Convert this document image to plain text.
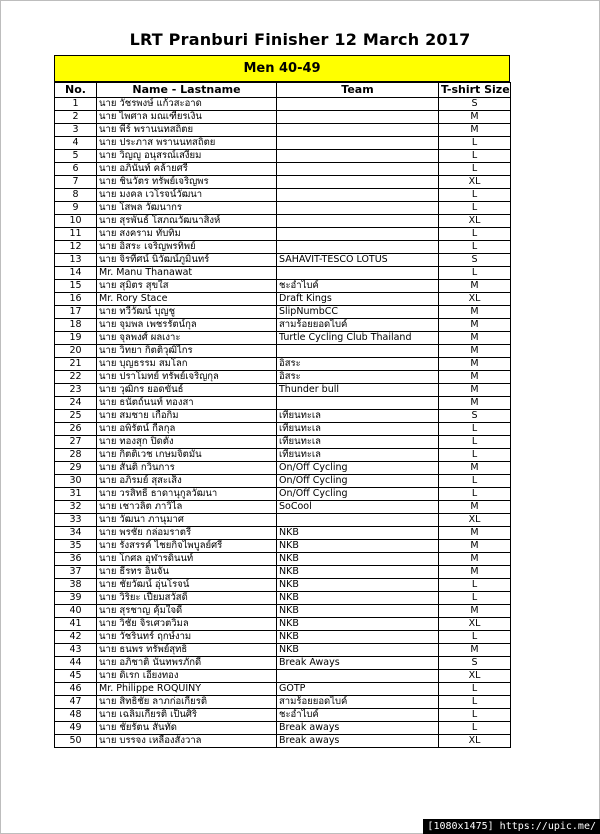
LRT Pranburi Finisher 12 March 2017
Men 40-49
No.	Name - Lastname	Team	T-shirt Size
1	นาย วัชรพงษ์ แก้วสะอาด		S
2	นาย ไพศาล มณเฑียรเงิน		M
3	นาย พีร์ พรานนทสถิตย		M
4	นาย ประภาส พรานนทสถิตย		L
5	นาย วิญญู อนุสรณ์เสงี่ยม		L
6	นาย อภินันท์ คล้ายศรี		L
7	นาย ชินวัตร ทรัพย์เจริญพร		XL
8	นาย มงคล เวโรจน์วัฒนา		L
9	นาย โสพล วัฒนากร		L
10	นาย สุรพันธ์ โสภณวัฒนาสิงห์		XL
11	นาย สงคราม ทับทิม		L
12	นาย อิสระ เจริญพรทิพย์		L
13	นาย จิรทีศน์ นิวัฒน์ภูมินทร์	SAHAVIT-TESCO LOTUS	S
14	Mr. Manu Thanawat		L
15	นาย สุมิตร สุขใส	ชะอำไบค์	M
16	Mr. Rory Stace	Draft Kings	XL
17	นาย ทวีวัฒน์ บุญชู	SlipNumbCC	M
18	นาย จุมพล เพชรรัตน์กุล	สามร้อยยอดไบค์	M
19	นาย จุลพงศ์ ผลเงาะ	Turtle Cycling Club Thailand	M
20	นาย วิทยา กิตติวุฒิไกร		M
21	นาย บุญธรรม สมโลก	อิสระ	M
22	นาย ปราโมทย์ ทรัพย์เจริญกุล	อิสระ	M
23	นาย วุฒิกร ยอดขันธ์	Thunder bull	M
24	นาย ธนัตถ์นนท์ ทองสา		M
25	นาย สมชาย เกื้อกิ้ม	เทียนทะเล	S
26	นาย อพิรัตน์ กี่ลกุล	เทียนทะเล	L
27	นาย ทองสุก ปิดตั้ง	เทียนทะเล	L
28	นาย กิตติเวช เกษมจิตมั่น	เทียนทะเล	L
29	นาย สันติ กวินการ	On/Off Cycling	M
30	นาย อภิรมย์ สุสะเส็ง	On/Off Cycling	L
31	นาย วรสิทธิ์ ธาดานุกูลวัฒนา	On/Off Cycling	L
32	นาย เชาวลิต ภาวิไล	SoCool	M
33	นาย วัฒนา ภานุมาศ		XL
34	นาย พรชัย กล่อมราตรี	NKB	M
35	นาย รังสรรค์ ไชยกิจไพบูลย์ศรี	NKB	M
36	นาย โกศล อุฬารดินนท์	NKB	M
37	นาย ธีรทร อินจัน	NKB	M
38	นาย ชัยวัฒน์ อุ่นโรจน์	NKB	L
39	นาย วิริยะ เปี่ยมสวัสดิ์	NKB	L
40	นาย สุรชาญ คุ้มใจดี	NKB	M
41	นาย วิชัย จิรเศวตวิมล	NKB	XL
42	นาย วัชรินทร์ ฤกษ์งาม	NKB	L
43	นาย ธนพร ทรัพย์สุทธิ	NKB	M
44	นาย อภิชาติ นันทพรภักดี	Break Aways	S
45	นาย ดิเรก เอี้ยงทอง		XL
46	Mr. Philippe ROQUINY	GOTP	L
47	นาย สิทธิชัย ลาภก่อเกียรติ	สามร้อยยอดไบค์	L
48	นาย เฉลิมเกียรติ เป็นศิริ	ชะอำไบค์	L
49	นาย ชัยรัตน สันทัด	Break aways	L
50	นาย บรรจง เหลืองสังวาล	Break aways	XL
[1080x1475] https://upic.me/
